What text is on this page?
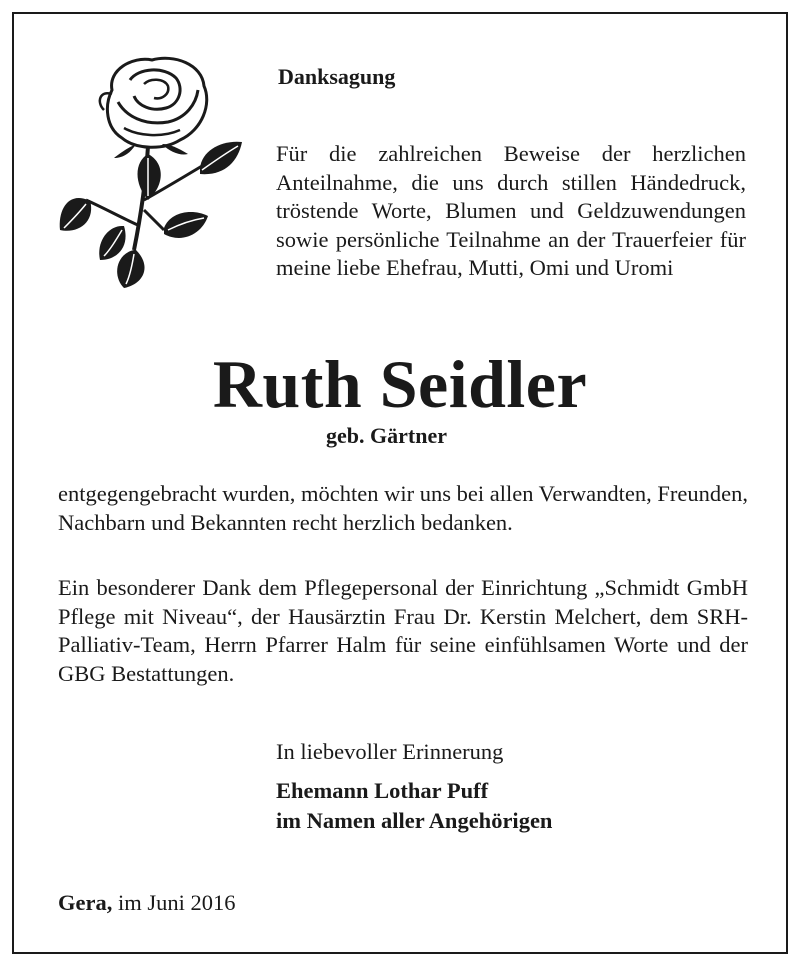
Danksagung

Für die zahlreichen Beweise der herzlichen Anteilnahme, die uns durch stillen Händedruck, tröstende Worte, Blumen und Geldzuwendungen sowie persönliche Teilnahme an der Trauerfeier für meine liebe Ehefrau, Mutti, Omi und Uromi

Ruth Seidler

geb. Gärtner

entgegengebracht wurden, möchten wir uns bei allen Verwandten, Freunden, Nachbarn und Bekannten recht herzlich bedanken.

Ein besonderer Dank dem Pflegepersonal der Einrichtung „Schmidt GmbH Pflege mit Niveau“, der Hausärztin Frau Dr. Kerstin Melchert, dem SRH-Palliativ-Team, Herrn Pfarrer Halm für seine einfühlsamen Worte und der GBG Bestattungen.

In liebevoller Erinnerung

Ehemann Lothar Puff
im Namen aller Angehörigen

Gera, im Juni 2016
